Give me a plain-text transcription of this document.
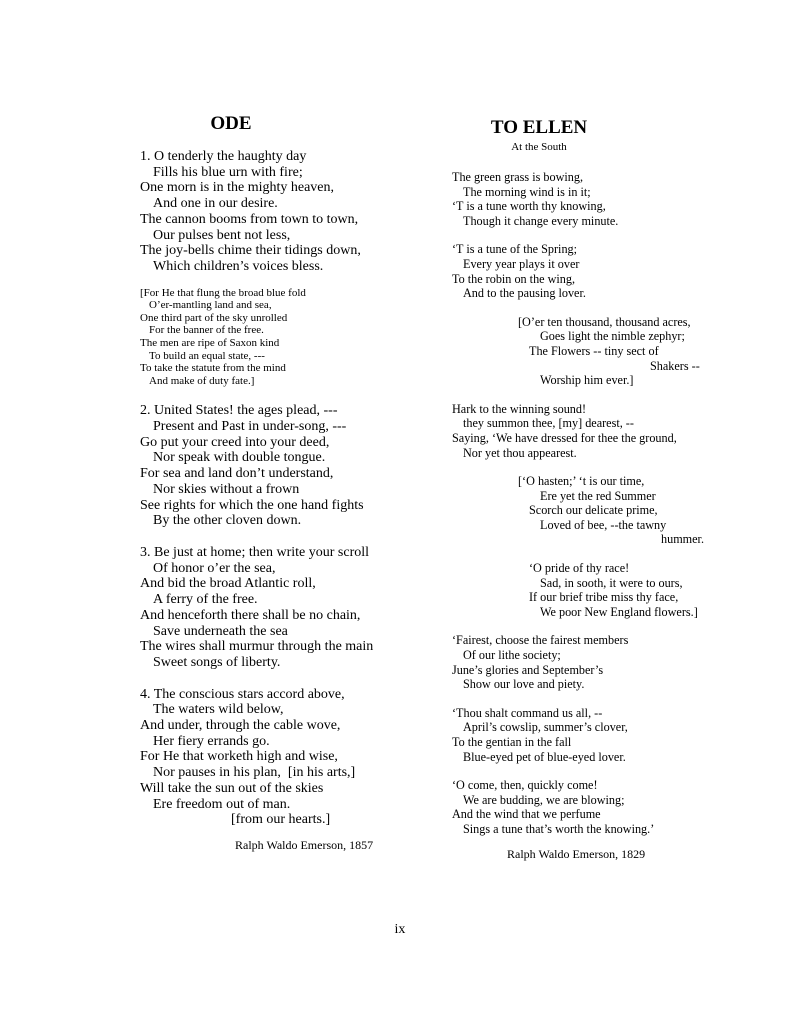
ODE
1. O tenderly the haughty day
Fills his blue urn with fire;
One morn is in the mighty heaven,
And one in our desire.
The cannon booms from town to town,
Our pulses bent not less,
The joy-bells chime their tidings down,
Which children’s voices bless.
[For He that flung the broad blue fold
O’er-mantling land and sea,
One third part of the sky unrolled
For the banner of the free.
The men are ripe of Saxon kind
To build an equal state, ---
To take the statute from the mind
And make of duty fate.]
2. United States! the ages plead, ---
Present and Past in under-song, ---
Go put your creed into your deed,
Nor speak with double tongue.
For sea and land don’t understand,
Nor skies without a frown
See rights for which the one hand fights
By the other cloven down.
3. Be just at home; then write your scroll
Of honor o’er the sea,
And bid the broad Atlantic roll,
A ferry of the free.
And henceforth there shall be no chain,
Save underneath the sea
The wires shall murmur through the main
Sweet songs of liberty.
4. The conscious stars accord above,
The waters wild below,
And under, through the cable wove,
Her fiery errands go.
For He that worketh high and wise,
Nor pauses in his plan,  [in his arts,]
Will take the sun out of the skies
Ere freedom out of man.
[from our hearts.]
Ralph Waldo Emerson, 1857
TO ELLEN
At the South
The green grass is bowing,
The morning wind is in it;
‘T is a tune worth thy knowing,
Though it change every minute.
‘T is a tune of the Spring;
Every year plays it over
To the robin on the wing,
And to the pausing lover.
[O’er ten thousand, thousand acres,
Goes light the nimble zephyr;
The Flowers -- tiny sect of
Shakers --
Worship him ever.]
Hark to the winning sound!
they summon thee, [my] dearest, --
Saying, ‘We have dressed for thee the ground,
Nor yet thou appearest.
[‘O hasten;’ ‘t is our time,
Ere yet the red Summer
Scorch our delicate prime,
Loved of bee, --the tawny
hummer.
‘O pride of thy race!
Sad, in sooth, it were to ours,
If our brief tribe miss thy face,
We poor New England flowers.]
‘Fairest, choose the fairest members
Of our lithe society;
June’s glories and September’s
Show our love and piety.
‘Thou shalt command us all, --
April’s cowslip, summer’s clover,
To the gentian in the fall
Blue-eyed pet of blue-eyed lover.
‘O come, then, quickly come!
We are budding, we are blowing;
And the wind that we perfume
Sings a tune that’s worth the knowing.’
Ralph Waldo Emerson, 1829
ix
